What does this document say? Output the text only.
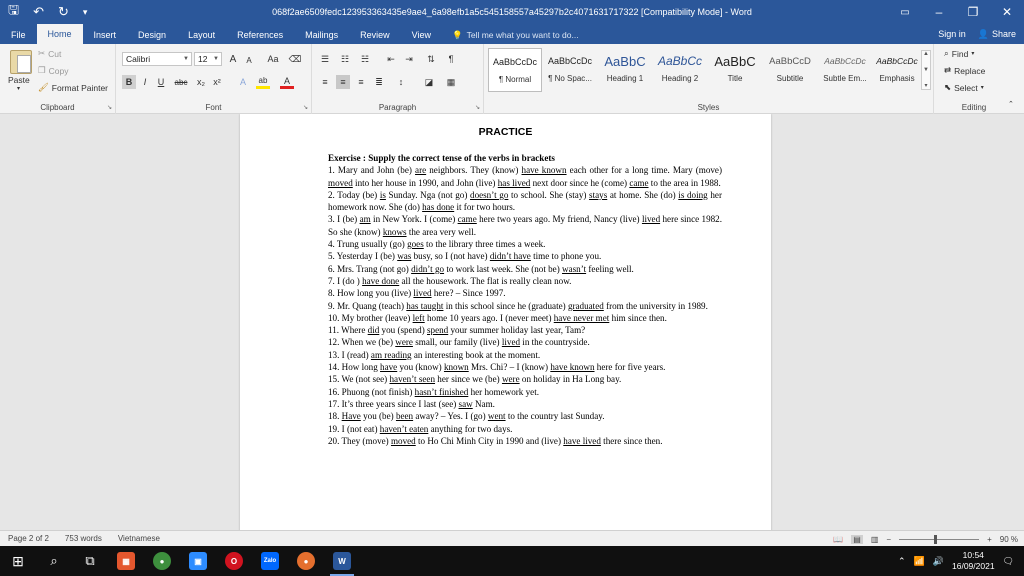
🖫 ↶ ↻ ▾	068f2ae6509fedc123953363435e9ae4_6a98efb1a5c545158557a45297b2c4071631717322 [Compatibility Mode] - Word	▭	–	❐	✕
File	Home	Insert	Design	Layout	References	Mailings	Review	View	💡 Tell me what you want to do...	Sign in 👤 Share
Paste
▾
✂ Cut
❐ Copy
🖌 Format Painter
Clipboard	↘
Calibri	▼ 12 ▼	A	A	Aa	⌫
B	I	U	abc	x₂ x²	A	ab	A
Font	↘
☰	☷	☵	⇤	⇥	⇅	¶
≡	≡	≡	≣	↕	◪	▦
Paragraph	↘
AaBbCcDc
¶ Normal
AaBbCcDc
¶ No Spac...
AaBbC
Heading 1
AaBbCc
Heading 2
AaBbC
Title
AaBbCcD
Subtitle
AaBbCcDc
Subtle Em...
AaBbCcDc
Emphasis
Styles
▲
▼
▾
⌕ Find ▾
⇄ Replace
⬉ Select ▾
Editing	⌃
PRACTICE
Exercise : Supply the correct tense of the verbs in brackets
1. Mary and John (be) are neighbors. They (know) have known each other for a long time. Mary (move) moved into her house in 1990, and John (live) has lived next door since he (come) came to the area in 1988.
2. Today (be) is Sunday. Nga (not go) doesn’t go to school. She (stay) stays at home. She (do) is doing her homework now. She (do) has done it for two hours.
3. I (be) am in New York. I (come) came here two years ago. My friend, Nancy (live) lived here since 1982. So she (know) knows the area very well.
4. Trung usually (go) goes to the library three times a week.
5. Yesterday I (be) was busy, so I (not have) didn’t have time to phone you.
6. Mrs. Trang (not go) didn’t go to work last week. She (not be) wasn’t feeling well.
7. I (do ) have done all the housework. The flat is really clean now.
8. How long you (live) lived here? – Since 1997.
9. Mr. Quang (teach) has taught in this school since he (graduate) graduated from the university in 1989.
10. My brother (leave) left home 10 years ago. I (never meet) have never met him since then.
11. Where did you (spend) spend your summer holiday last year, Tam?
12. When we (be) were small, our family (live) lived in the countryside.
13. I (read) am reading an interesting book at the moment.
14. How long have you (know) known Mrs. Chi? – I (know) have known here for five years.
15. We (not see) haven’t seen her since we (be) were on holiday in Ha Long bay.
16. Phuong (not finish) hasn’t finished her homework yet.
17. It’s three years since I last (see) saw Nam.
18. Have you (be) been away? – Yes. I (go) went to the country last Sunday.
19. I (not eat) haven’t eaten anything for two days.
20. They (move) moved to Ho Chi Minh City in 1990 and (live) have lived there since then.
Page 2 of 2	753 words	Vietnamese	📖 ▤ ▥ −	+ 90 %
⊞	⌕	⧉	▦	●	▣	O	Zalo	●	W	⌃ 📶 🔊
10:54
16/09/2021
🗨
